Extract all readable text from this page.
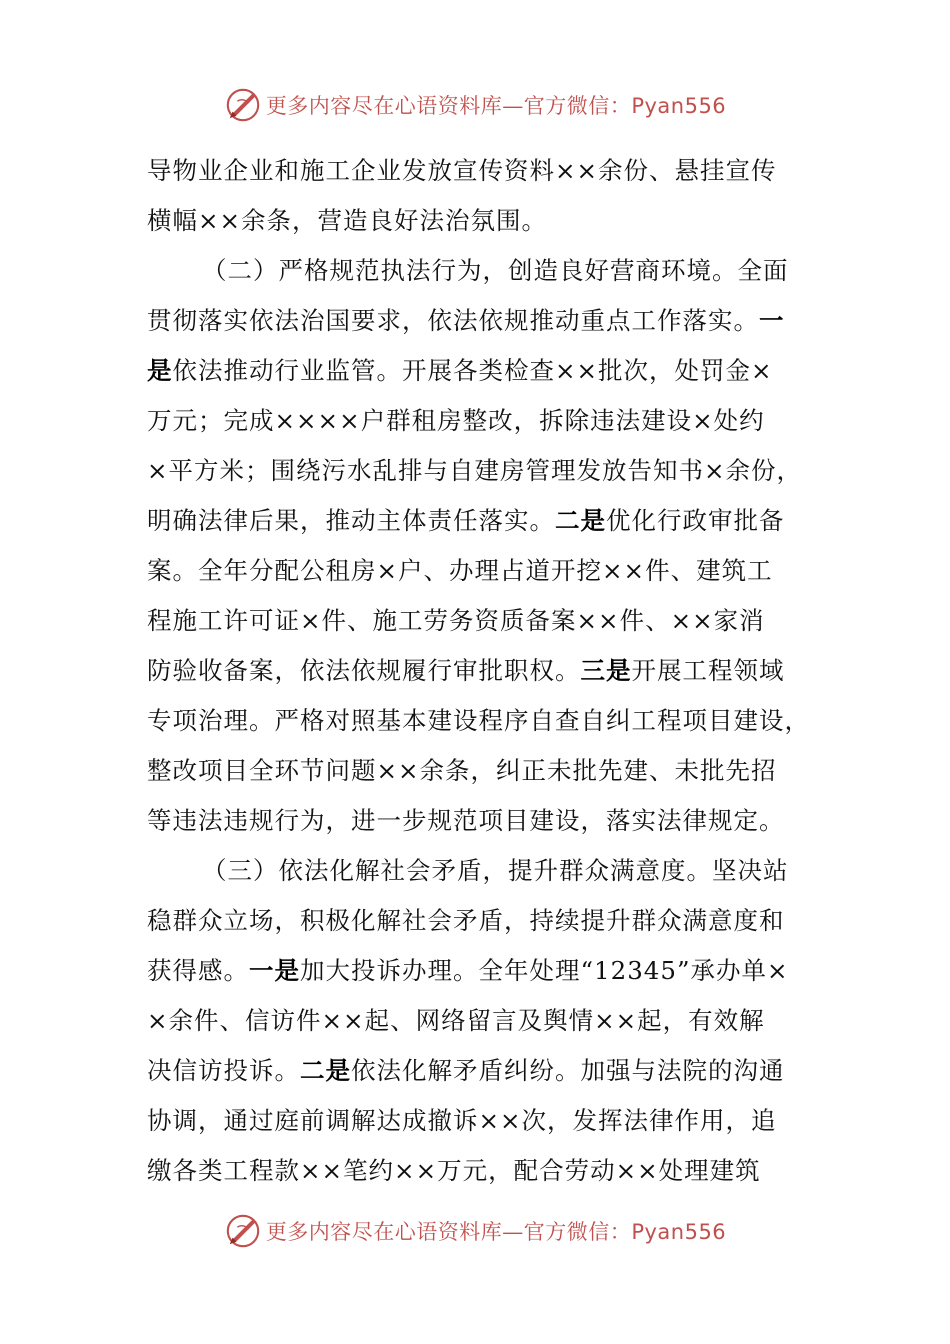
更多内容尽在心语资料库—官方微信：Pyan556
导物业企业和施工企业发放宣传资料××余份、悬挂宣传
横幅××余条，营造良好法治氛围。
（二）严格规范执法行为，创造良好营商环境。全面
贯彻落实依法治国要求，依法依规推动重点工作落实。一
是依法推动行业监管。开展各类检查××批次，处罚金×
万元；完成××××户群租房整改，拆除违法建设×处约
×平方米；围绕污水乱排与自建房管理发放告知书×余份，
明确法律后果，推动主体责任落实。二是优化行政审批备
案。全年分配公租房×户、办理占道开挖××件、建筑工
程施工许可证×件、施工劳务资质备案××件、××家消
防验收备案，依法依规履行审批职权。三是开展工程领域
专项治理。严格对照基本建设程序自查自纠工程项目建设，
整改项目全环节问题××余条，纠正未批先建、未批先招
等违法违规行为，进一步规范项目建设，落实法律规定。
（三）依法化解社会矛盾，提升群众满意度。坚决站
稳群众立场，积极化解社会矛盾，持续提升群众满意度和
获得感。一是加大投诉办理。全年处理“12345”承办单×
×余件、信访件××起、网络留言及舆情××起，有效解
决信访投诉。二是依法化解矛盾纠纷。加强与法院的沟通
协调，通过庭前调解达成撤诉××次，发挥法律作用，追
缴各类工程款××笔约××万元，配合劳动××处理建筑
更多内容尽在心语资料库—官方微信：Pyan556
